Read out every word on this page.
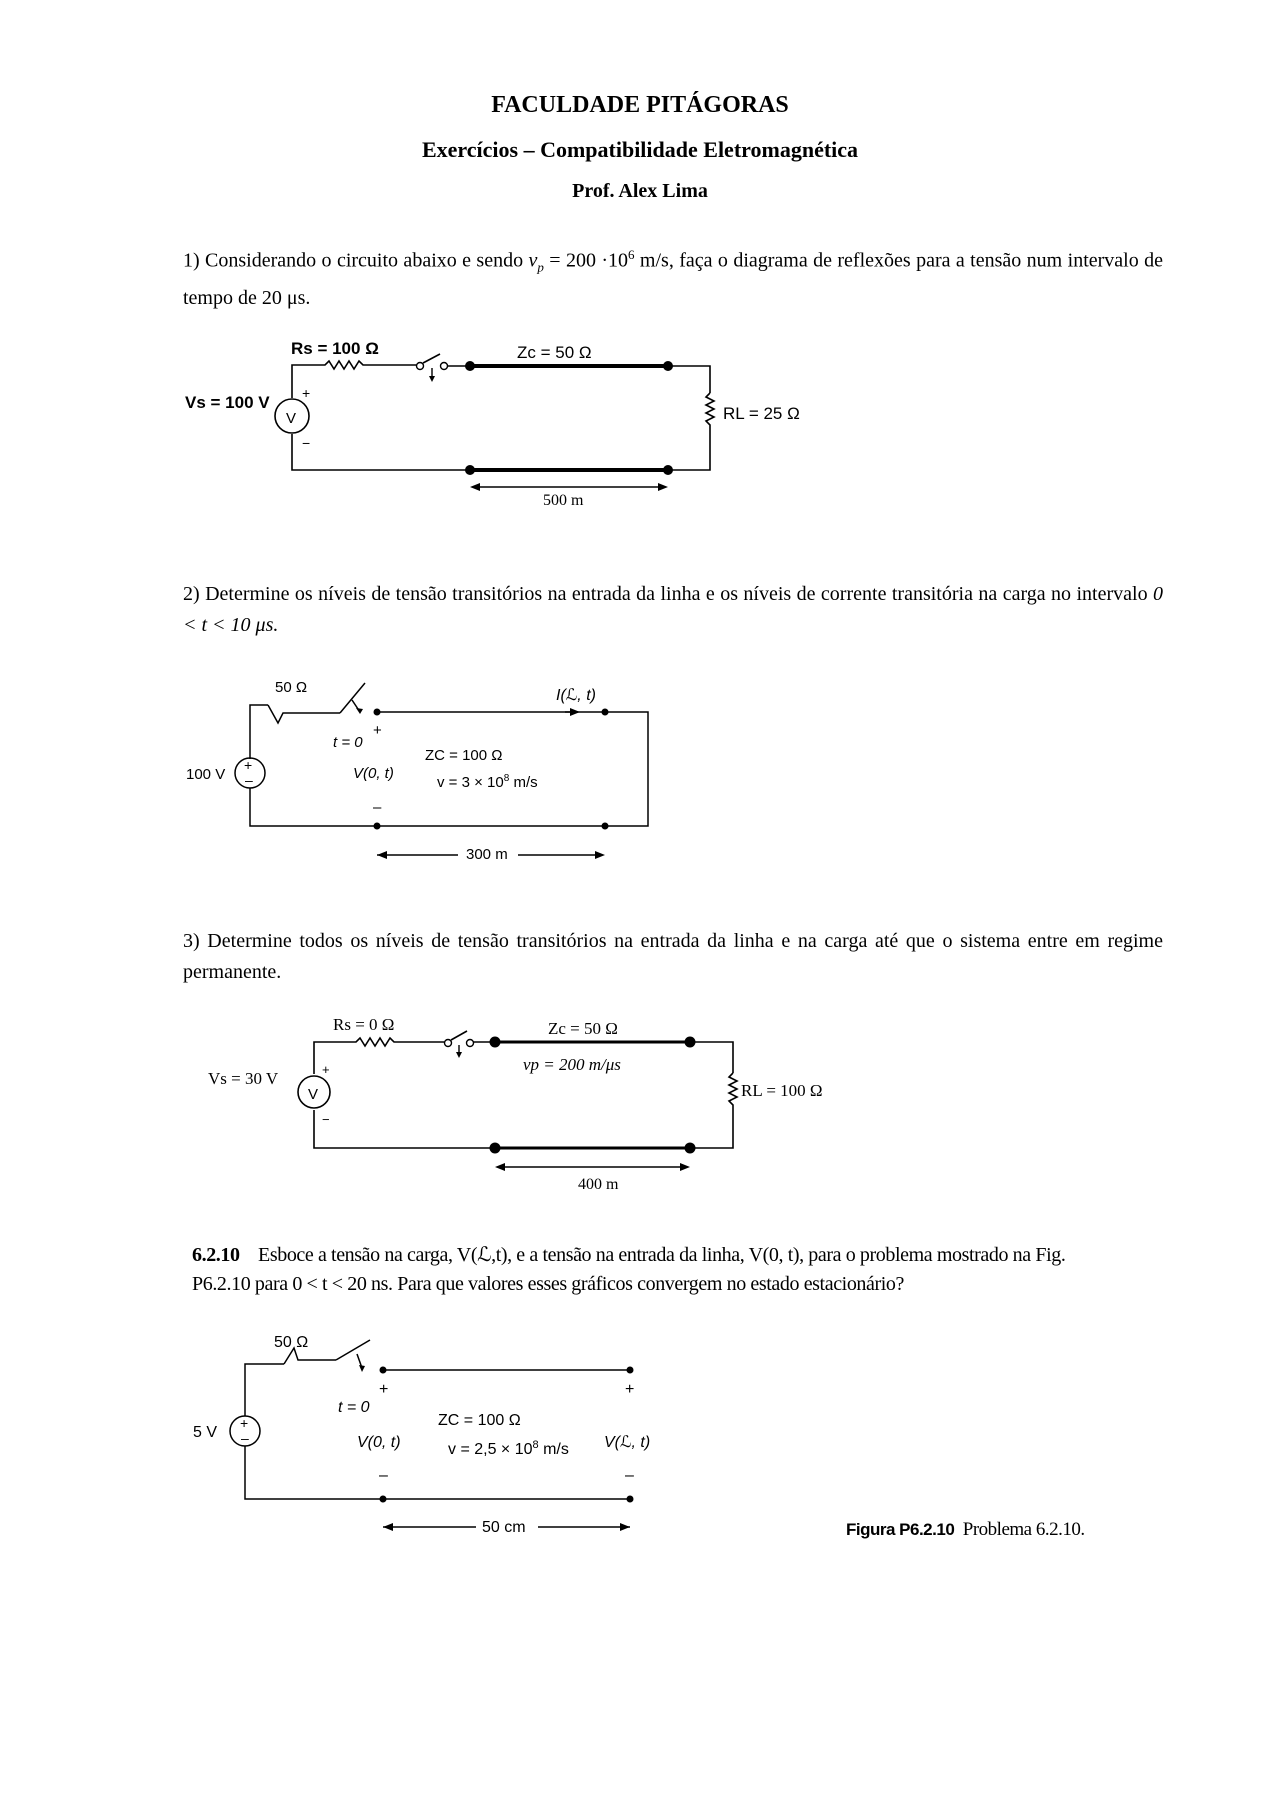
FACULDADE PITÁGORAS
Exercícios – Compatibilidade Eletromagnética
Prof. Alex Lima
1) Considerando o circuito abaixo e sendo $v_p = 200 \cdot 10^6$ m/s, faça o diagrama de reflexões para a tensão num intervalo de tempo de 20 μs.
Rs = 100 Ω	Zc = 50 Ω
Vs = 100 V
V
+
−
RL = 25 Ω
500 m
2) Determine os níveis de tensão transitórios na entrada da linha e os níveis de corrente transitória na carga no intervalo 0 < t < 10 μs.
50 Ω	I(ℒ, t)
t = 0
+
–
100 V
+
–	V(0, t)
ZC = 100 Ω
$v = 3 \times 10^8$ m/s
300 m
3) Determine todos os níveis de tensão transitórios na entrada da linha e na carga até que o sistema entre em regime permanente.
Rs = 0 Ω	Zc = 50 Ω
vp = 200 m/μs
Vs = 30 V
V
+
−
RL = 100 Ω
400 m
6.2.10 Esboce a tensão na carga, V(ℒ,t), e a tensão na entrada da linha, V(0, t), para o problema mostrado na Fig.
P6.2.10 para 0 < t < 20 ns. Para que valores esses gráficos convergem no estado estacionário?
50 Ω
t = 0
+	+
–	–
5 V
+
–	V(0, t)	V(ℒ, t)
ZC = 100 Ω
$v = 2,5 \times 10^8$ m/s
50 cm	Figura P6.2.10 Problema 6.2.10.
